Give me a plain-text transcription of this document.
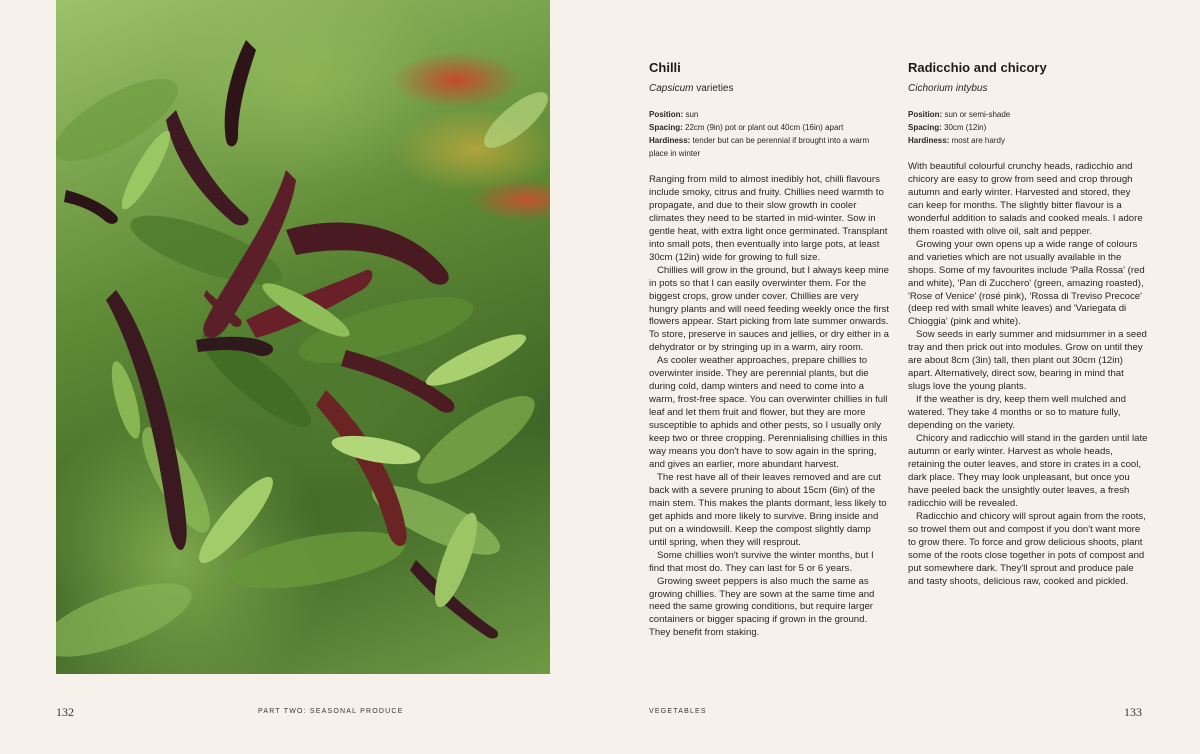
132	PART TWO: SEASONAL PRODUCE	VEGETABLES	133
Chilli
Capsicum varieties
Position: sun
Spacing: 22cm (9in) pot or plant out 40cm (16in) apart
Hardiness: tender but can be perennial if brought into a warm place in winter

Ranging from mild to almost inedibly hot, chilli flavours include smoky, citrus and fruity. Chillies need warmth to propagate, and due to their slow growth in cooler climates they need to be started in mid-winter. Sow in gentle heat, with extra light once germinated. Transplant into small pots, then eventually into large pots, at least 30cm (12in) wide for growing to full size.

Chillies will grow in the ground, but I always keep mine in pots so that I can easily overwinter them. For the biggest crops, grow under cover. Chillies are very hungry plants and will need feeding weekly once the first flowers appear. Start picking from late summer onwards. To store, preserve in sauces and jellies, or dry either in a dehydrator or by stringing up in a warm, airy room.

As cooler weather approaches, prepare chillies to overwinter inside. They are perennial plants, but die during cold, damp winters and need to come into a warm, frost-free space. You can overwinter chillies in full leaf and let them fruit and flower, but they are more susceptible to aphids and other pests, so I usually only keep two or three cropping. Perennialising chillies in this way means you don't have to sow again in the spring, and gives an earlier, more abundant harvest.

The rest have all of their leaves removed and are cut back with a severe pruning to about 15cm (6in) of the main stem. This makes the plants dormant, less likely to get aphids and more likely to survive. Bring inside and put on a windowsill. Keep the compost slightly damp until spring, when they will resprout.

Some chillies won't survive the winter months, but I find that most do. They can last for 5 or 6 years.

Growing sweet peppers is also much the same as growing chillies. They are sown at the same time and need the same growing conditions, but require larger containers or bigger spacing if grown in the ground. They benefit from staking.

Radicchio and chicory
Cichorium intybus
Position: sun or semi-shade
Spacing: 30cm (12in)
Hardiness: most are hardy

With beautiful colourful crunchy heads, radicchio and chicory are easy to grow from seed and crop through autumn and early winter. Harvested and stored, they can keep for months. The slightly bitter flavour is a wonderful addition to salads and cooked meals. I adore them roasted with olive oil, salt and pepper.

Growing your own opens up a wide range of colours and varieties which are not usually available in the shops. Some of my favourites include 'Palla Rossa' (red and white), 'Pan di Zucchero' (green, amazing roasted), 'Rose of Venice' (rosé pink), 'Rossa di Treviso Precoce' (deep red with small white leaves) and 'Variegata di Chioggia' (pink and white).

Sow seeds in early summer and midsummer in a seed tray and then prick out into modules. Grow on until they are about 8cm (3in) tall, then plant out 30cm (12in) apart. Alternatively, direct sow, bearing in mind that slugs love the young plants.

If the weather is dry, keep them well mulched and watered. They take 4 months or so to mature fully, depending on the variety.

Chicory and radicchio will stand in the garden until late autumn or early winter. Harvest as whole heads, retaining the outer leaves, and store in crates in a cool, dark place. They may look unpleasant, but once you have peeled back the unsightly outer leaves, a fresh radicchio will be revealed.

Radicchio and chicory will sprout again from the roots, so trowel them out and compost if you don't want more to grow there. To force and grow delicious shoots, plant some of the roots close together in pots of compost and put somewhere dark. They'll sprout and produce pale and tasty shoots, delicious raw, cooked and pickled.
